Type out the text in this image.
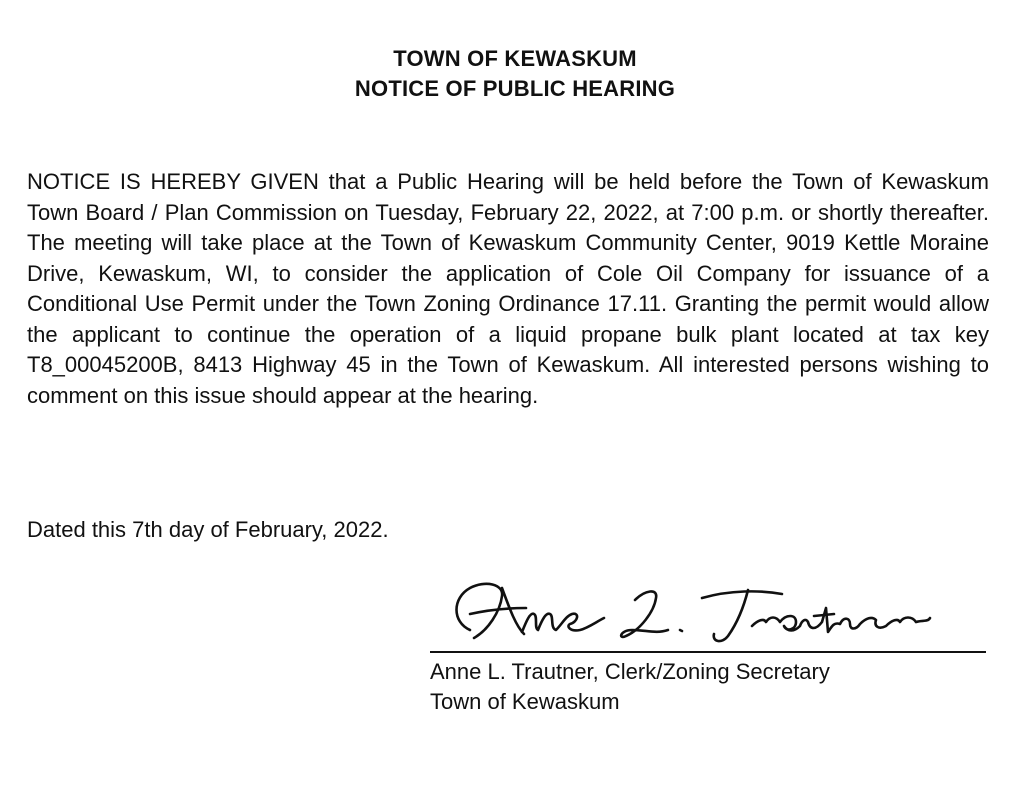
TOWN OF KEWASKUM
NOTICE OF PUBLIC HEARING

NOTICE IS HEREBY GIVEN that a Public Hearing will be held before the Town of Kewaskum Town Board / Plan Commission on Tuesday, February 22, 2022, at 7:00 p.m. or shortly thereafter. The meeting will take place at the Town of Kewaskum Community Center, 9019 Kettle Moraine Drive, Kewaskum, WI, to consider the application of Cole Oil Company for issuance of a Conditional Use Permit under the Town Zoning Ordinance 17.11. Granting the permit would allow the applicant to continue the operation of a liquid propane bulk plant located at tax key T8_00045200B, 8413 Highway 45 in the Town of Kewaskum. All interested persons wishing to comment on this issue should appear at the hearing.

Dated this 7th day of February, 2022.
Anne L. Trautner, Clerk/Zoning Secretary
Town of Kewaskum
